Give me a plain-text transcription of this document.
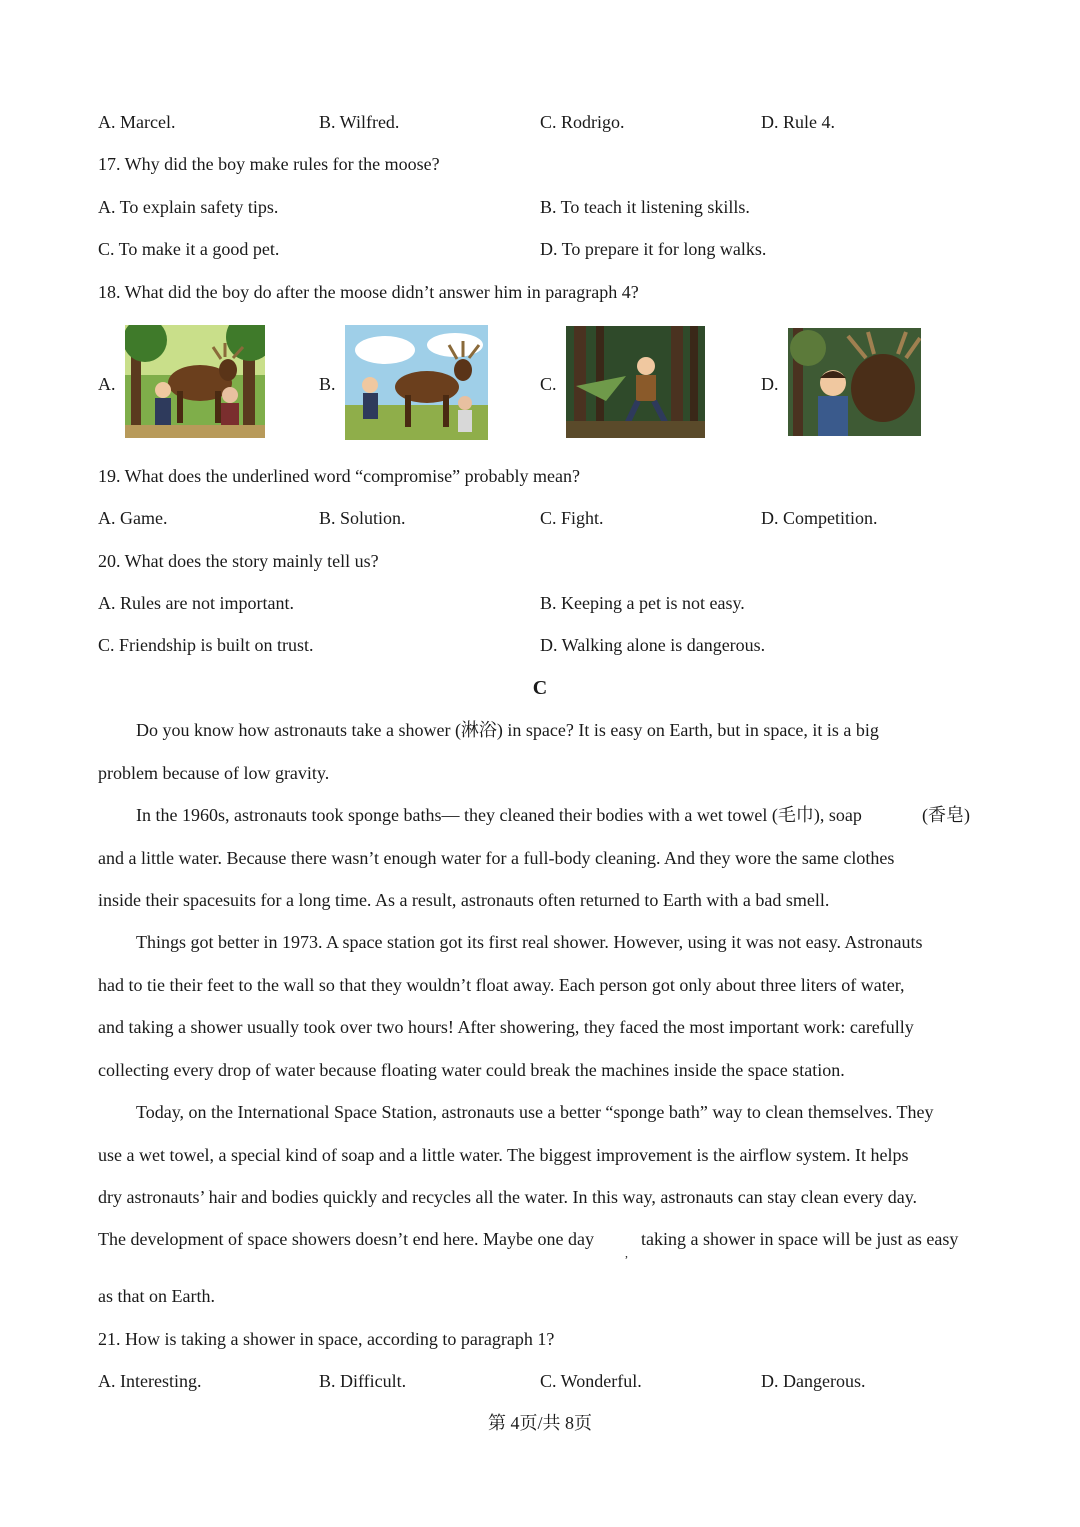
A. Marcel.	B. Wilfred.	C. Rodrigo.	D. Rule 4.
17. Why did the boy make rules for the moose?
A. To explain safety tips.	B. To teach it listening skills.
C. To make it a good pet.	D. To prepare it for long walks.
18. What did the boy do after the moose didn’t answer him in paragraph 4?
A.	B.	C.	D.
19. What does the underlined word “compromise” probably mean?
A. Game.	B. Solution.	C. Fight.	D. Competition.
20. What does the story mainly tell us?
A. Rules are not important.	B. Keeping a pet is not easy.
C. Friendship is built on trust.	D. Walking alone is dangerous.
C
Do you know how astronauts take a shower (淋浴) in space? It is easy on Earth, but in space, it is a big
problem because of low gravity.
In the 1960s, astronauts took sponge baths— they cleaned their bodies with a wet towel (毛巾), soap	(香皂)
and a little water. Because there wasn’t enough water for a full-body cleaning. And they wore the same clothes
inside their spacesuits for a long time. As a result, astronauts often returned to Earth with a bad smell.
Things got better in 1973. A space station got its first real shower. However, using it was not easy. Astronauts
had to tie their feet to the wall so that they wouldn’t float away. Each person got only about three liters of water,
and taking a shower usually took over two hours! After showering, they faced the most important work: carefully
collecting every drop of water because floating water could break the machines inside the space station.
Today, on the International Space Station, astronauts use a better “sponge bath” way to clean themselves. They
use a wet towel, a special kind of soap and a little water. The biggest improvement is the airflow system. It helps
dry astronauts’ hair and bodies quickly and recycles all the water. In this way, astronauts can stay clean every day.
The development of space showers doesn’t end here. Maybe one day
,
taking a shower in space will be just as easy
as that on Earth.
21. How is taking a shower in space, according to paragraph 1?
A. Interesting.	B. Difficult.	C. Wonderful.	D. Dangerous.
第 4页/共 8页
